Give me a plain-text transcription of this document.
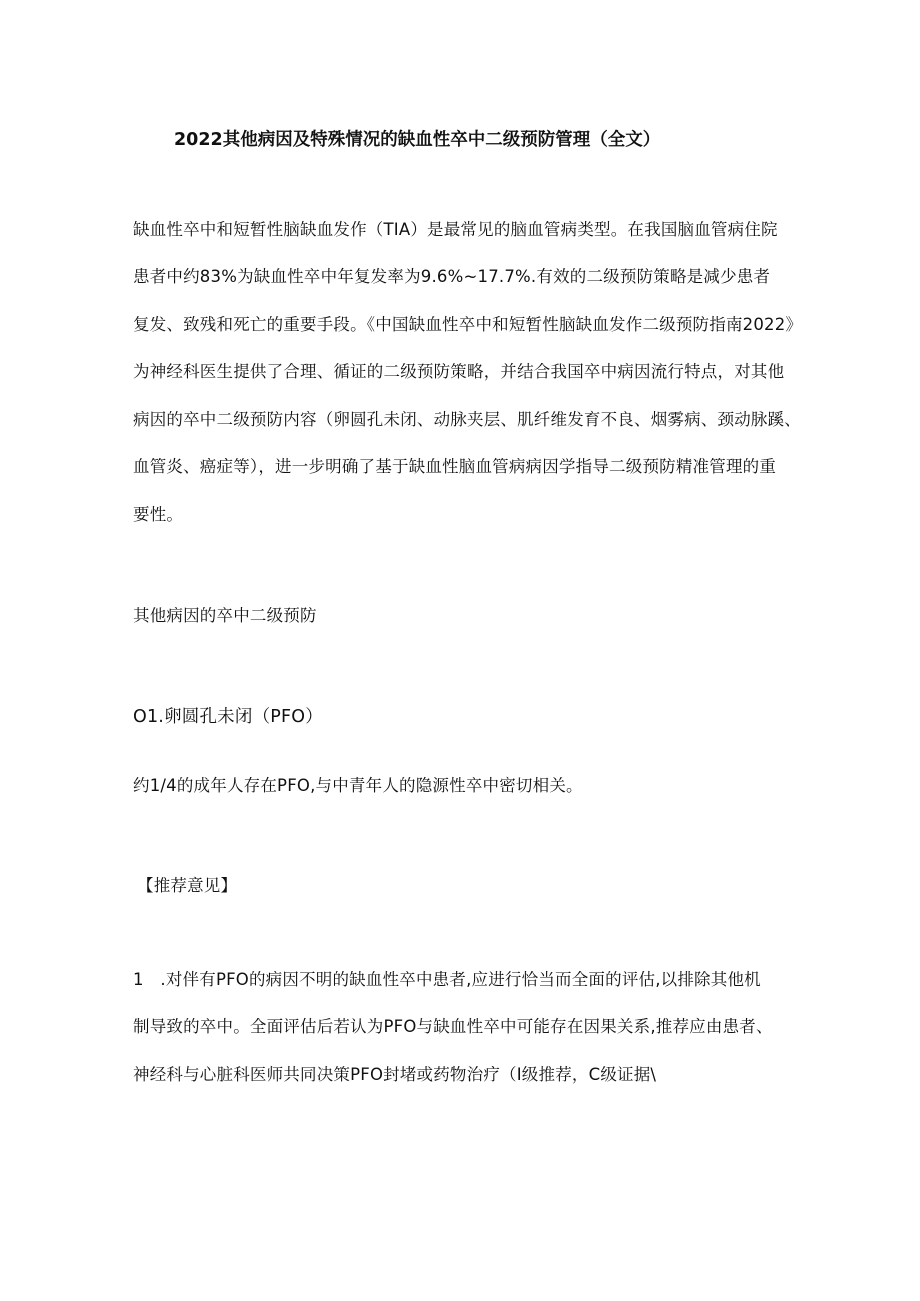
2022其他病因及特殊情况的缺血性卒中二级预防管理（全文）
缺血性卒中和短暂性脑缺血发作（TIA）是最常见的脑血管病类型。在我国脑血管病住院
患者中约83%为缺血性卒中年复发率为9.6%~17.7%.有效的二级预防策略是减少患者
复发、致残和死亡的重要手段。《中国缺血性卒中和短暂性脑缺血发作二级预防指南2022》
为神经科医生提供了合理、循证的二级预防策略，并结合我国卒中病因流行特点，对其他
病因的卒中二级预防内容（卵圆孔未闭、动脉夹层、肌纤维发育不良、烟雾病、颈动脉蹊、
血管炎、癌症等），进一步明确了基于缺血性脑血管病病因学指导二级预防精准管理的重
要性。
其他病因的卒中二级预防
O1.卵圆孔未闭（PFO）
约1/4的成年人存在PFO,与中青年人的隐源性卒中密切相关。
【推荐意见】
1　.对伴有PFO的病因不明的缺血性卒中患者,应进行恰当而全面的评估,以排除其他机
制导致的卒中。全面评估后若认为PFO与缺血性卒中可能存在因果关系,推荐应由患者、
神经科与心脏科医师共同决策PFO封堵或药物治疗（I级推荐，C级证据\
